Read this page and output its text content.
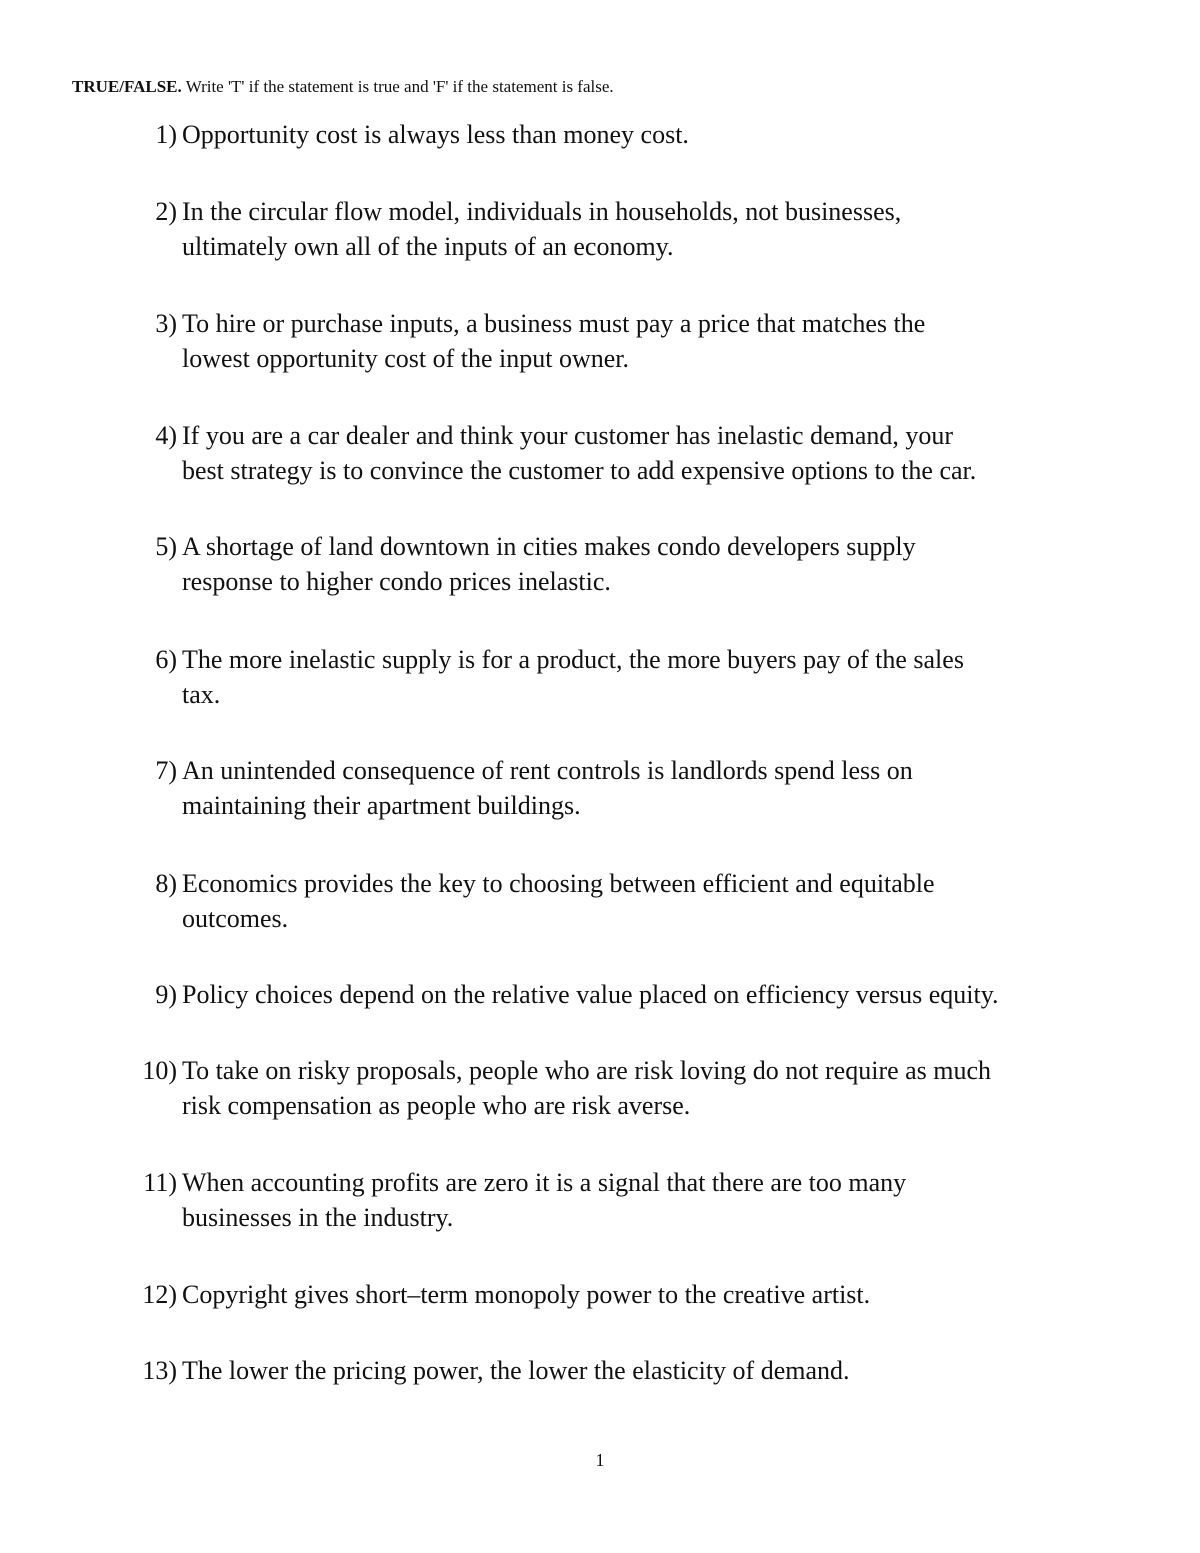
TRUE/FALSE. Write 'T' if the statement is true and 'F' if the statement is false.
1) Opportunity cost is always less than money cost.
2) In the circular flow model, individuals in households, not businesses,
ultimately own all of the inputs of an economy.
3) To hire or purchase inputs, a business must pay a price that matches the
lowest opportunity cost of the input owner.
4) If you are a car dealer and think your customer has inelastic demand, your
best strategy is to convince the customer to add expensive options to the car.
5) A shortage of land downtown in cities makes condo developers supply
response to higher condo prices inelastic.
6) The more inelastic supply is for a product, the more buyers pay of the sales
tax.
7) An unintended consequence of rent controls is landlords spend less on
maintaining their apartment buildings.
8) Economics provides the key to choosing between efficient and equitable
outcomes.
9) Policy choices depend on the relative value placed on efficiency versus equity.
10) To take on risky proposals, people who are risk loving do not require as much
risk compensation as people who are risk averse.
11) When accounting profits are zero it is a signal that there are too many
businesses in the industry.
12) Copyright gives short–term monopoly power to the creative artist.
13) The lower the pricing power, the lower the elasticity of demand.
1
